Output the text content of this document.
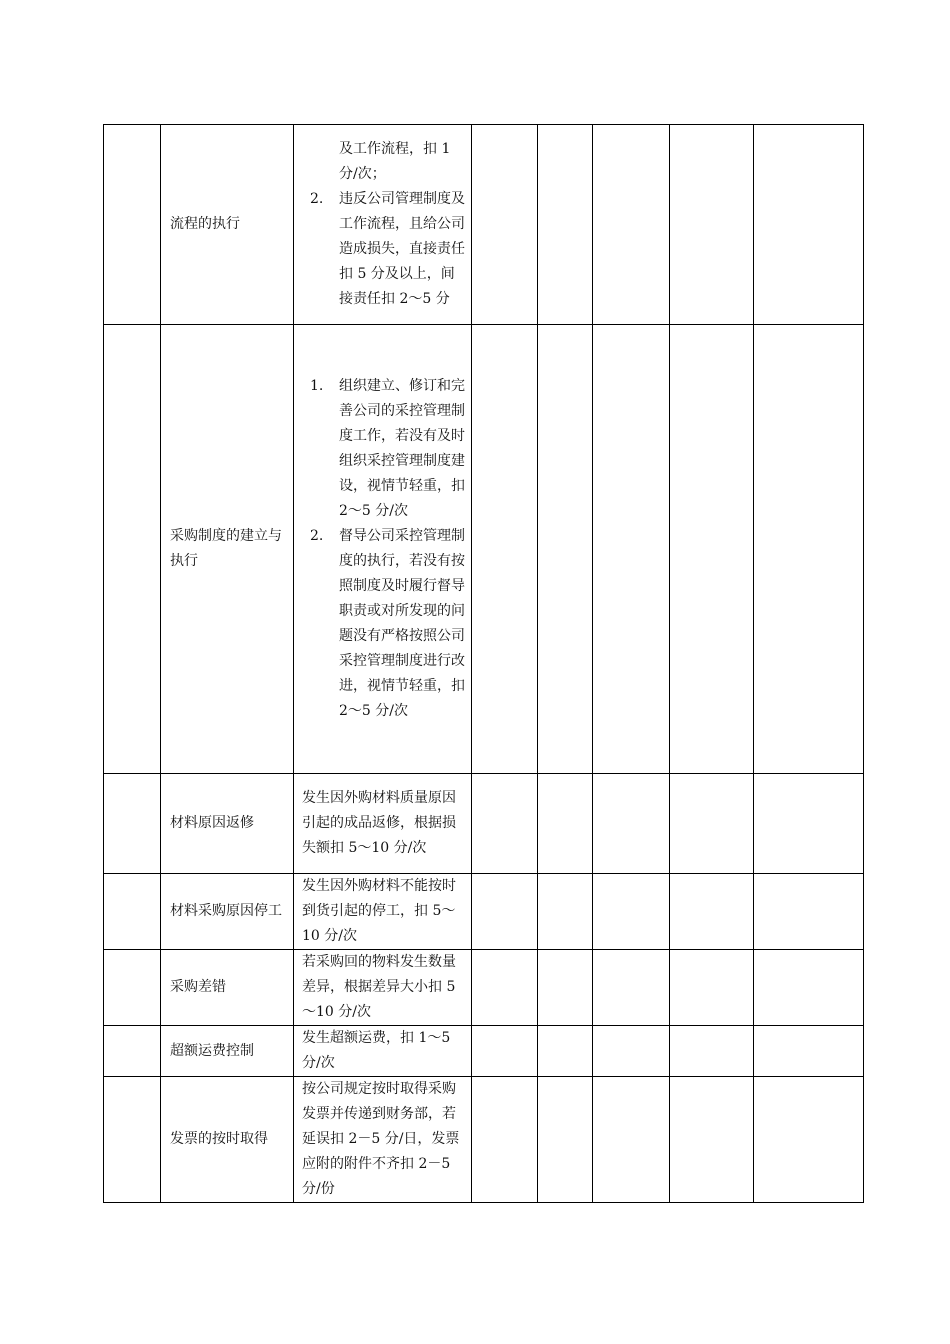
	流程的执行	及工作流程，扣 1 分/次；
2. 违反公司管理制度及工作流程，且给公司造成损失，直接责任扣 5 分及以上，间接责任扣 2～5 分					

	采购制度的建立与执行	1. 组织建立、修订和完善公司的采控管理制度工作，若没有及时组织采控管理制度建设，视情节轻重，扣 2～5 分/次
2. 督导公司采控管理制度的执行，若没有按照制度及时履行督导职责或对所发现的问题没有严格按照公司采控管理制度进行改进，视情节轻重，扣 2～5 分/次					

	材料原因返修	发生因外购材料质量原因引起的成品返修，根据损失额扣 5～10 分/次					

	材料采购原因停工	发生因外购材料不能按时到货引起的停工，扣 5～10 分/次					

	采购差错	若采购回的物料发生数量差异，根据差异大小扣 5～10 分/次					

	超额运费控制	发生超额运费，扣 1～5 分/次					

	发票的按时取得	按公司规定按时取得采购发票并传递到财务部，若延误扣 2－5 分/日，发票应附的附件不齐扣 2－5 分/份					
